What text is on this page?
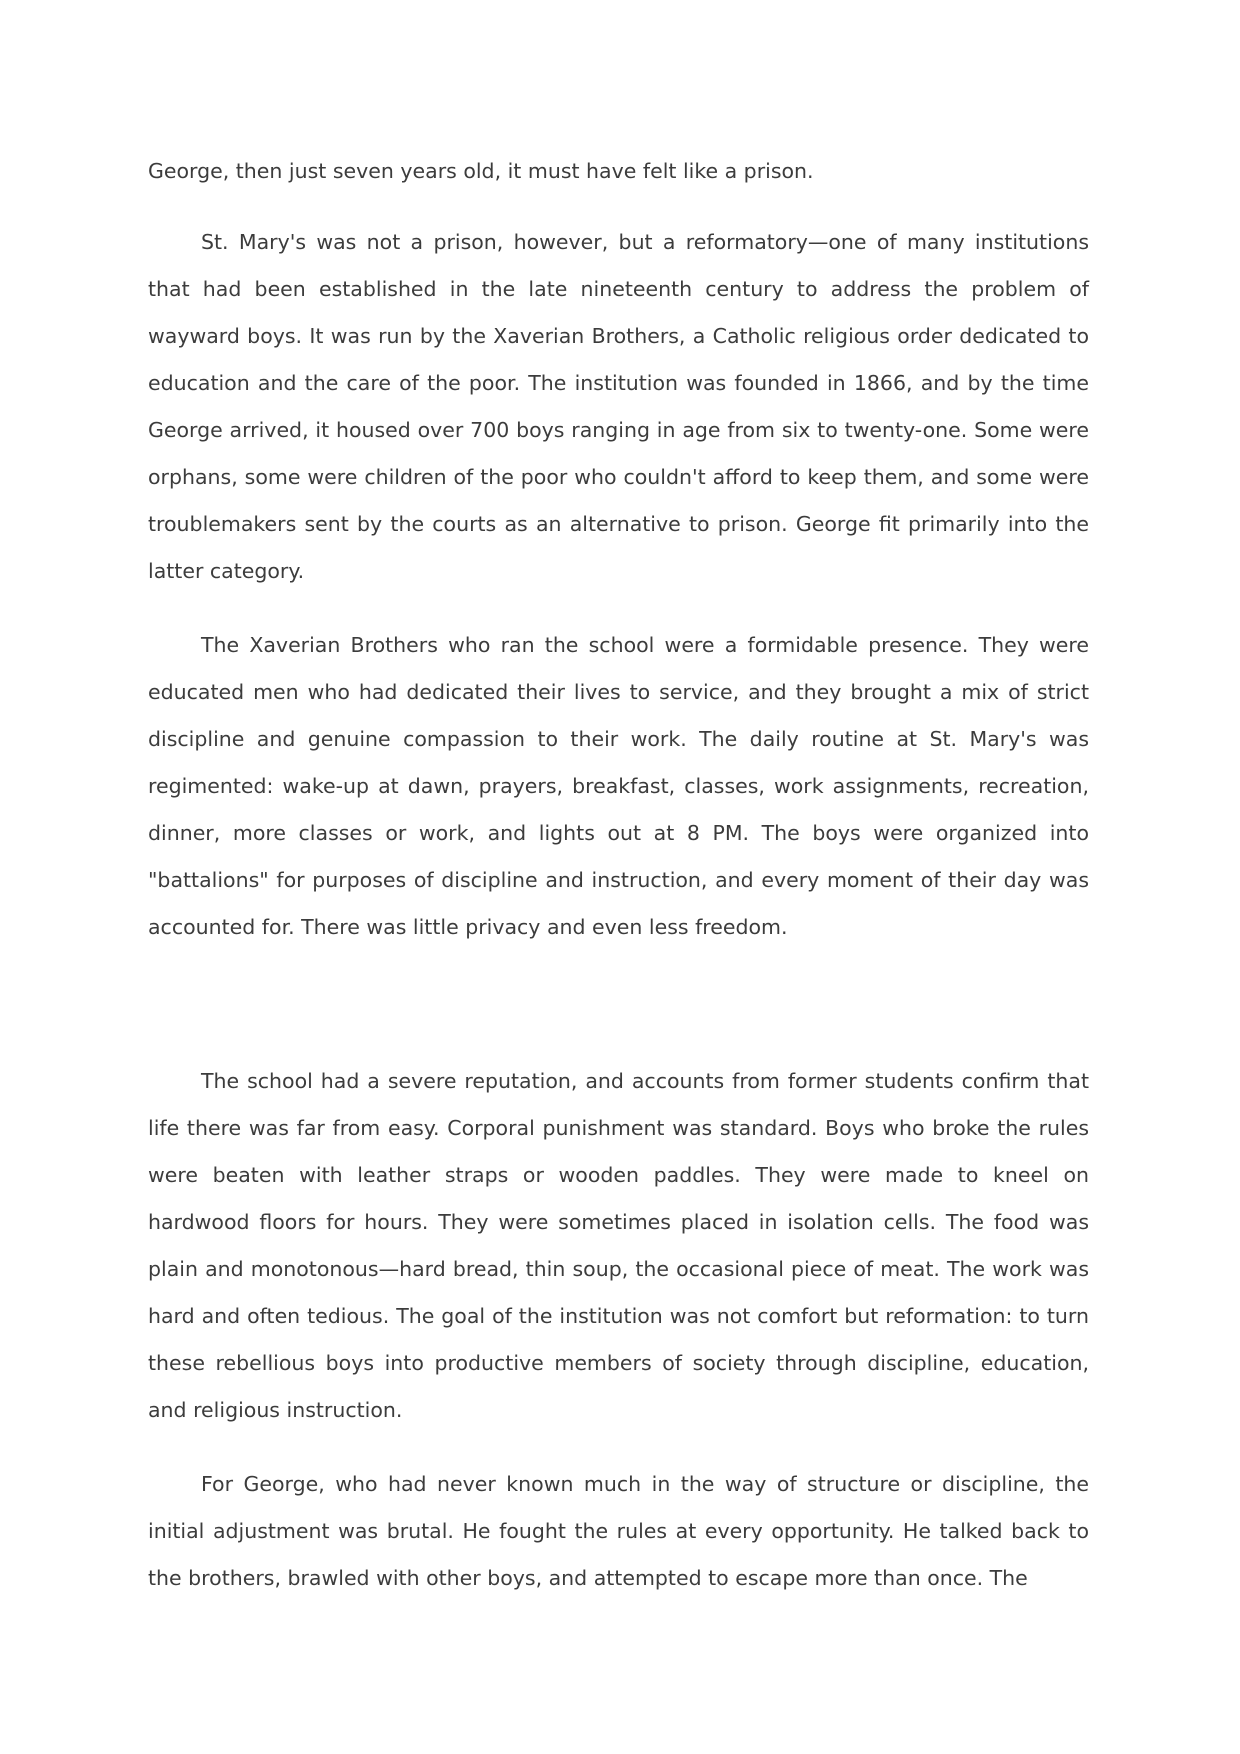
George, then just seven years old, it must have felt like a prison.

St. Mary's was not a prison, however, but a reformatory—one of many institutions that had been established in the late nineteenth century to address the problem of wayward boys. It was run by the Xaverian Brothers, a Catholic religious order dedicated to education and the care of the poor. The institution was founded in 1866, and by the time George arrived, it housed over 700 boys ranging in age from six to twenty-one. Some were orphans, some were children of the poor who couldn't afford to keep them, and some were troublemakers sent by the courts as an alternative to prison. George fit primarily into the latter category.

The Xaverian Brothers who ran the school were a formidable presence. They were educated men who had dedicated their lives to service, and they brought a mix of strict discipline and genuine compassion to their work. The daily routine at St. Mary's was regimented: wake-up at dawn, prayers, breakfast, classes, work assignments, recreation, dinner, more classes or work, and lights out at 8 PM. The boys were organized into "battalions" for purposes of discipline and instruction, and every moment of their day was accounted for. There was little privacy and even less freedom.

The school had a severe reputation, and accounts from former students confirm that life there was far from easy. Corporal punishment was standard. Boys who broke the rules were beaten with leather straps or wooden paddles. They were made to kneel on hardwood floors for hours. They were sometimes placed in isolation cells. The food was plain and monotonous—hard bread, thin soup, the occasional piece of meat. The work was hard and often tedious. The goal of the institution was not comfort but reformation: to turn these rebellious boys into productive members of society through discipline, education, and religious instruction.

For George, who had never known much in the way of structure or discipline, the initial adjustment was brutal. He fought the rules at every opportunity. He talked back to the brothers, brawled with other boys, and attempted to escape more than once. The
